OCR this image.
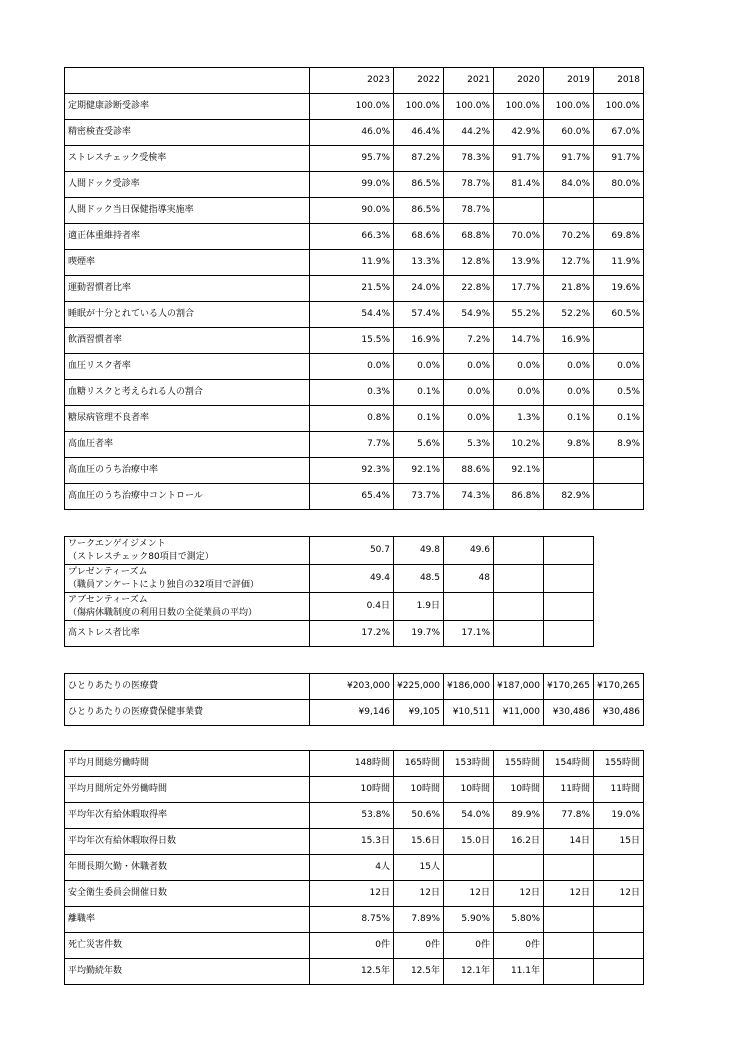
	2023	2022	2021	2020	2019	2018
定期健康診断受診率	100.0%	100.0%	100.0%	100.0%	100.0%	100.0%
精密検査受診率	46.0%	46.4%	44.2%	42.9%	60.0%	67.0%
ストレスチェック受検率	95.7%	87.2%	78.3%	91.7%	91.7%	91.7%
人間ドック受診率	99.0%	86.5%	78.7%	81.4%	84.0%	80.0%
人間ドック当日保健指導実施率	90.0%	86.5%	78.7%			
適正体重維持者率	66.3%	68.6%	68.8%	70.0%	70.2%	69.8%
喫煙率	11.9%	13.3%	12.8%	13.9%	12.7%	11.9%
運動習慣者比率	21.5%	24.0%	22.8%	17.7%	21.8%	19.6%
睡眠が十分とれている人の割合	54.4%	57.4%	54.9%	55.2%	52.2%	60.5%
飲酒習慣者率	15.5%	16.9%	7.2%	14.7%	16.9%	
血圧リスク者率	0.0%	0.0%	0.0%	0.0%	0.0%	0.0%
血糖リスクと考えられる人の割合	0.3%	0.1%	0.0%	0.0%	0.0%	0.5%
糖尿病管理不良者率	0.8%	0.1%	0.0%	1.3%	0.1%	0.1%
高血圧者率	7.7%	5.6%	5.3%	10.2%	9.8%	8.9%
高血圧のうち治療中率	92.3%	92.1%	88.6%	92.1%		
高血圧のうち治療中コントロール	65.4%	73.7%	74.3%	86.8%	82.9%	
ワークエンゲイジメント
（ストレスチェック80項目で測定）	50.7	49.8	49.6		

プレゼンティーズム
（職員アンケートにより独自の32項目で評価）	49.4	48.5	48		

アブセンティーズム
（傷病休職制度の利用日数の全従業員の平均）	0.4日	1.9日			

高ストレス者比率	17.2%	19.7%	17.1%		
ひとりあたりの医療費	¥203,000	¥225,000	¥186,000	¥187,000	¥170,265	¥170,265
ひとりあたりの医療費保健事業費	¥9,146	¥9,105	¥10,511	¥11,000	¥30,486	¥30,486
平均月間総労働時間	148時間	165時間	153時間	155時間	154時間	155時間
平均月間所定外労働時間	10時間	10時間	10時間	10時間	11時間	11時間
平均年次有給休暇取得率	53.8%	50.6%	54.0%	89.9%	77.8%	19.0%
平均年次有給休暇取得日数	15.3日	15.6日	15.0日	16.2日	14日	15日
年間長期欠勤・休職者数	4人	15人				
安全衛生委員会開催日数	12日	12日	12日	12日	12日	12日
離職率	8.75%	7.89%	5.90%	5.80%		
死亡災害件数	0件	0件	0件	0件		
平均勤続年数	12.5年	12.5年	12.1年	11.1年		
